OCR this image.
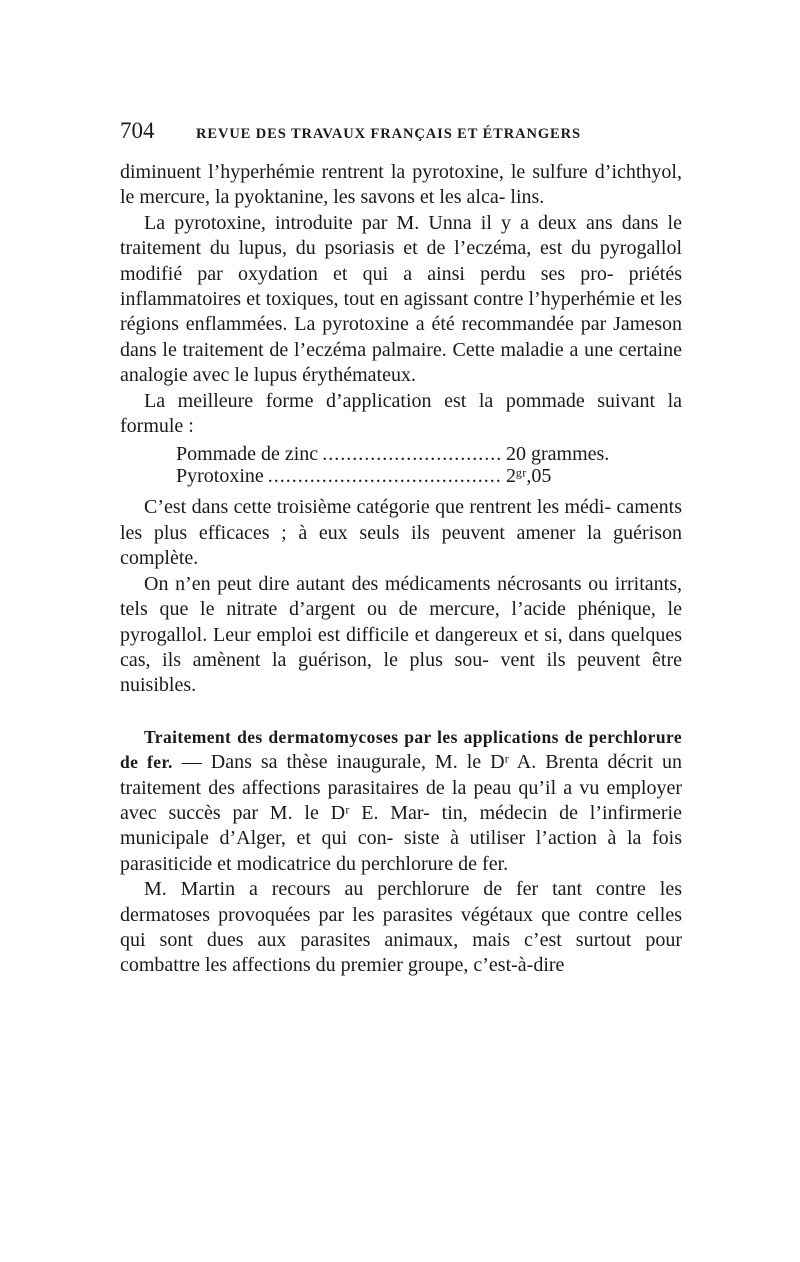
704	REVUE DES TRAVAUX FRANÇAIS ET ÉTRANGERS

diminuent l’hyperhémie rentrent la pyrotoxine, le sulfure d’ichthyol, le mercure, la pyoktanine, les savons et les alca- lins.

La pyrotoxine, introduite par M. Unna il y a deux ans dans le traitement du lupus, du psoriasis et de l’eczéma, est du pyrogallol modifié par oxydation et qui a ainsi perdu ses pro- priétés inflammatoires et toxiques, tout en agissant contre l’hyperhémie et les régions enflammées. La pyrotoxine a été recommandée par Jameson dans le traitement de l’eczéma palmaire. Cette maladie a une certaine analogie avec le lupus érythémateux.

La meilleure forme d’application est la pommade suivant la formule :

Pommade de zinc .....	20 grammes.
Pyrotoxine .....	2ᵍʳ,05

C’est dans cette troisième catégorie que rentrent les médi- caments les plus efficaces ; à eux seuls ils peuvent amener la guérison complète.

On n’en peut dire autant des médicaments nécrosants ou irritants, tels que le nitrate d’argent ou de mercure, l’acide phénique, le pyrogallol. Leur emploi est difficile et dangereux et si, dans quelques cas, ils amènent la guérison, le plus sou- vent ils peuvent être nuisibles.

Traitement des dermatomycoses par les applications de perchlorure de fer. — Dans sa thèse inaugurale, M. le Dʳ A. Brenta décrit un traitement des affections parasitaires de la peau qu’il a vu employer avec succès par M. le Dʳ E. Mar- tin, médecin de l’infirmerie municipale d’Alger, et qui con- siste à utiliser l’action à la fois parasiticide et modicatrice du perchlorure de fer.

M. Martin a recours au perchlorure de fer tant contre les dermatoses provoquées par les parasites végétaux que contre celles qui sont dues aux parasites animaux, mais c’est surtout pour combattre les affections du premier groupe, c’est-à-dire
